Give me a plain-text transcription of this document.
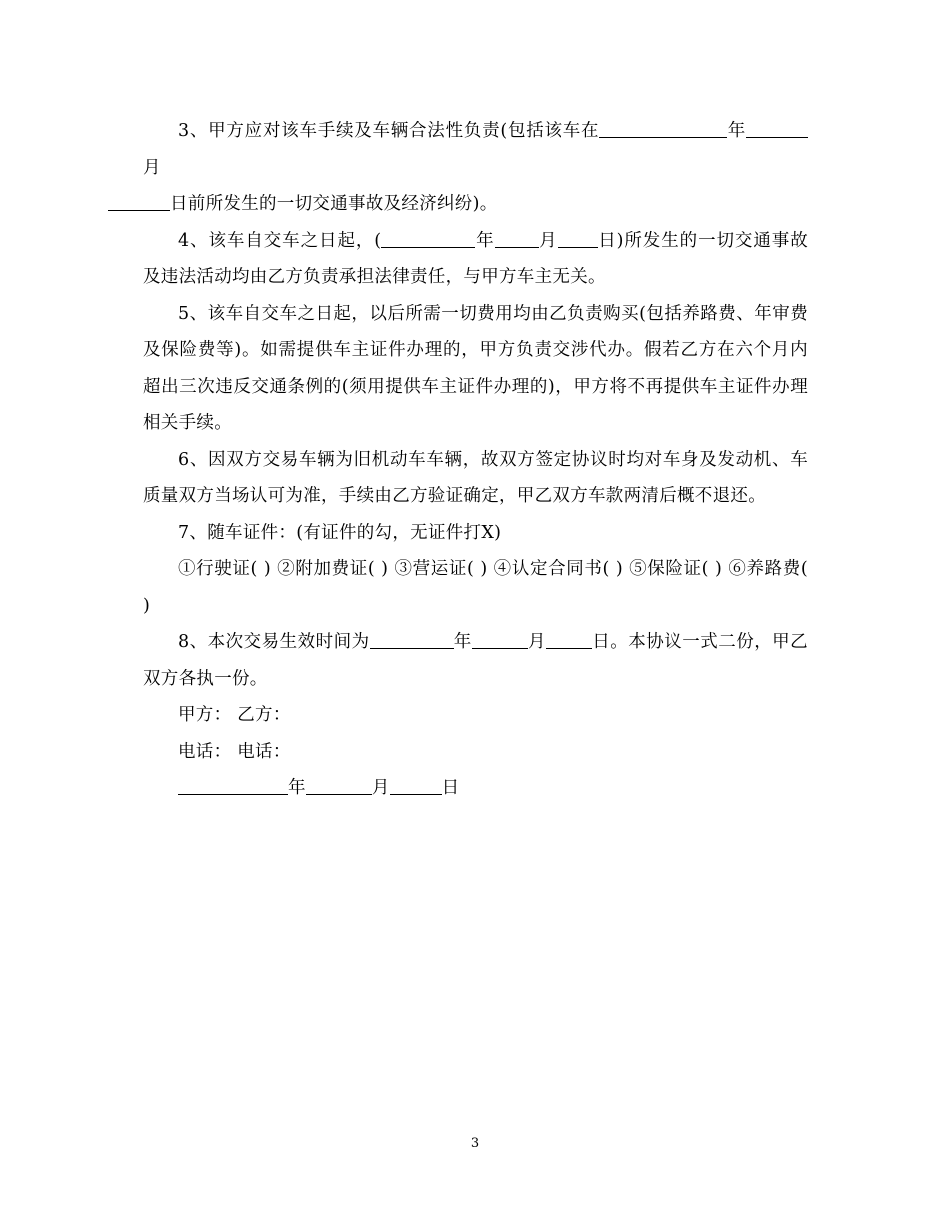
3、甲方应对该车手续及车辆合法性负责(包括该车在	年月
日前所发生的一切交通事故及经济纠纷)。

4、该车自交车之日起，(	年	月 日)所发生的一切交通事故及违法活动均由乙方负责承担法律责任，与甲方车主无关。

5、该车自交车之日起，以后所需一切费用均由乙负责购买(包括养路费、年审费及保险费等)。如需提供车主证件办理的，甲方负责交涉代办。假若乙方在六个月内超出三次违反交通条例的(须用提供车主证件办理的)，甲方将不再提供车主证件办理相关手续。

6、因双方交易车辆为旧机动车车辆，故双方签定协议时均对车身及发动机、车质量双方当场认可为准，手续由乙方验证确定，甲乙双方车款两清后概不退还。

7、随车证件：(有证件的勾，无证件打X)

①行驶证( ) ②附加费证( ) ③营运证( ) ④认定合同书( ) ⑤保险证( ) ⑥养路费( )

8、本次交易生效时间为	年	月	日。本协议一式二份，甲乙双方各执一份。

甲方： 乙方：

电话： 电话：

年	月	日

3
